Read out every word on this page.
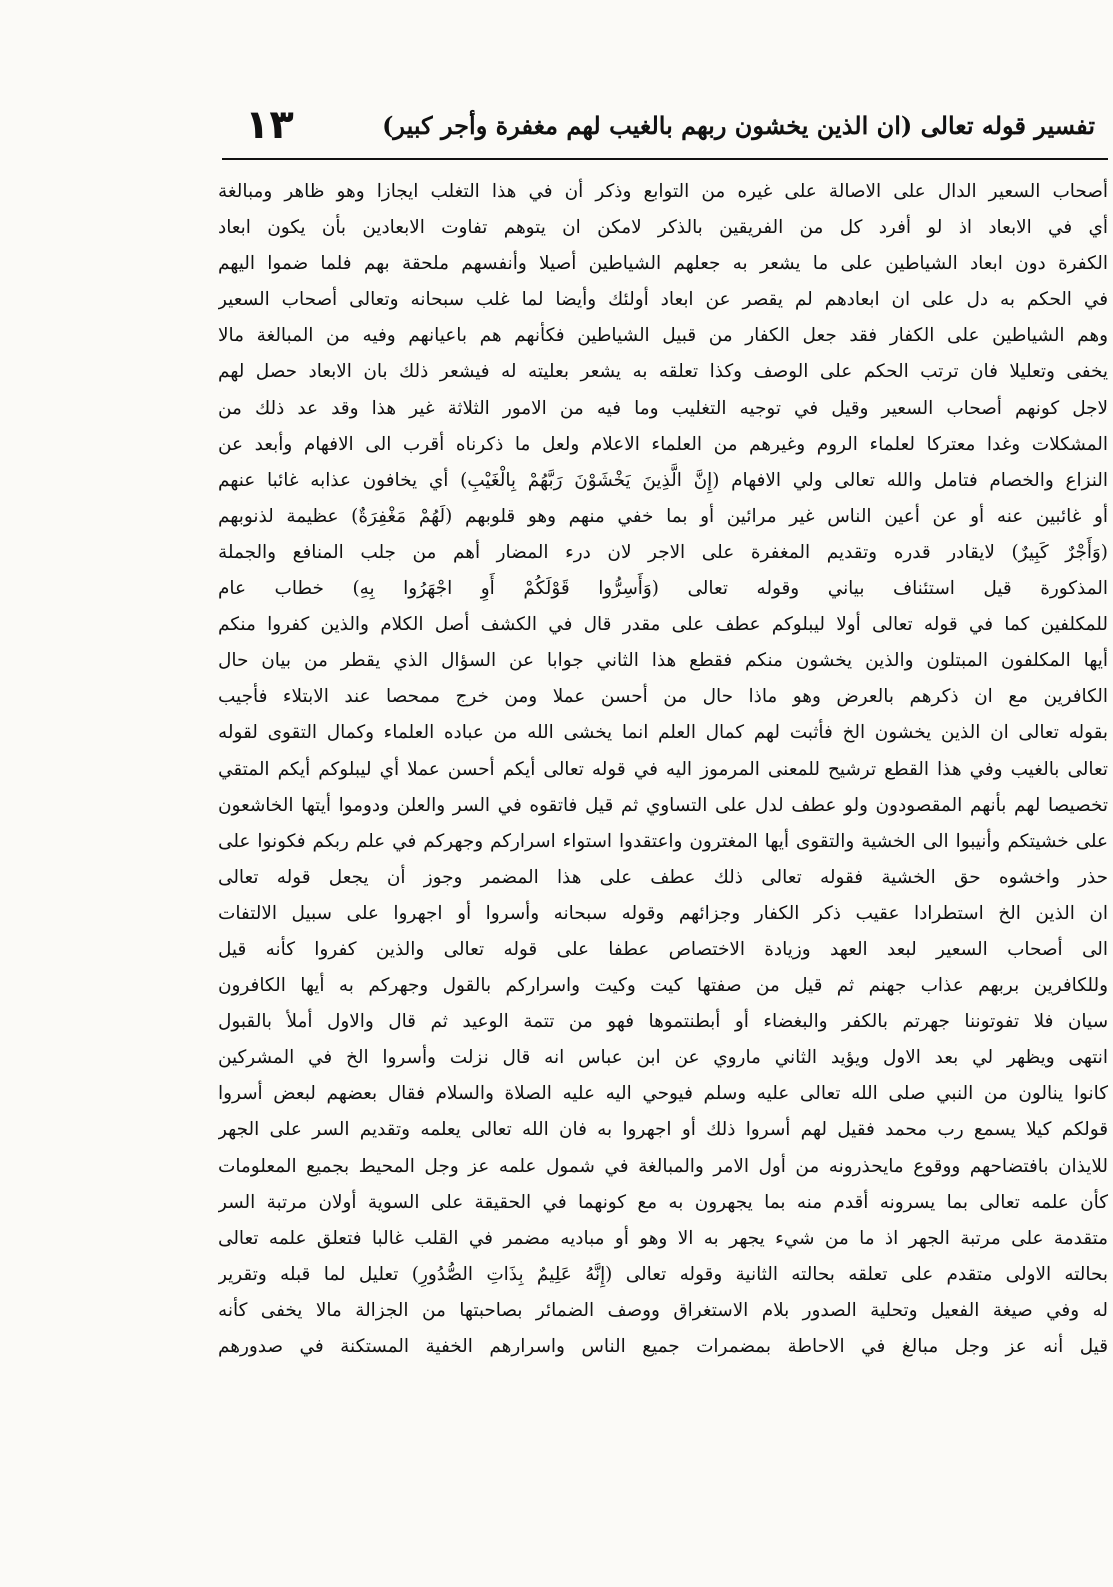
١٣	تفسير قوله تعالى (ان الذين يخشون ربهم بالغيب لهم مغفرة وأجر كبير)
أصحاب السعير الدال على الاصالة على غيره من التوابع وذكر أن في هذا التغلب ايجازا وهو ظاهر ومبالغة
أي في الابعاد اذ لو أفرد كل من الفريقين بالذكر لامكن ان يتوهم تفاوت الابعادين بأن يكون ابعاد
الكفرة دون ابعاد الشياطين على ما يشعر به جعلهم الشياطين أصيلا وأنفسهم ملحقة بهم فلما ضموا اليهم
في الحكم به دل على ان ابعادهم لم يقصر عن ابعاد أولئك وأيضا لما غلب سبحانه وتعالى أصحاب السعير
وهم الشياطين على الكفار فقد جعل الكفار من قبيل الشياطين فكأنهم هم باعيانهم وفيه من المبالغة مالا
يخفى وتعليلا فان ترتب الحكم على الوصف وكذا تعلقه به يشعر بعليته له فيشعر ذلك بان الابعاد حصل لهم
لاجل كونهم أصحاب السعير وقيل في توجيه التغليب وما فيه من الامور الثلاثة غير هذا وقد عد ذلك من
المشكلات وغدا معتركا لعلماء الروم وغيرهم من العلماء الاعلام ولعل ما ذكرناه أقرب الى الافهام وأبعد عن
النزاع والخصام فتامل والله تعالى ولي الافهام (إِنَّ الَّذِينَ يَخْشَوْنَ رَبَّهُمْ بِالْغَيْبِ) أي يخافون عذابه غائبا عنهم
أو غائبين عنه أو عن أعين الناس غير مرائين أو بما خفي منهم وهو قلوبهم (لَهُمْ مَغْفِرَةٌ) عظيمة لذنوبهم
(وَأَجْرٌ كَبِيرٌ) لايقادر قدره وتقديم المغفرة على الاجر لان درء المضار أهم من جلب المنافع والجملة
المذكورة قيل استئناف بياني وقوله تعالى (وَأَسِرُّوا قَوْلَكُمْ أَوِ اجْهَرُوا بِهِ) خطاب عام
للمكلفين كما في قوله تعالى أولا ليبلوكم عطف على مقدر قال في الكشف أصل الكلام والذين كفروا منكم
أيها المكلفون المبتلون والذين يخشون منكم فقطع هذا الثاني جوابا عن السؤال الذي يقطر من بيان حال
الكافرين مع ان ذكرهم بالعرض وهو ماذا حال من أحسن عملا ومن خرج ممحصا عند الابتلاء فأجيب
بقوله تعالى ان الذين يخشون الخ فأثبت لهم كمال العلم انما يخشى الله من عباده العلماء وكمال التقوى لقوله
تعالى بالغيب وفي هذا القطع ترشيح للمعنى المرموز اليه في قوله تعالى أيكم أحسن عملا أي ليبلوكم أيكم المتقي
تخصيصا لهم بأنهم المقصودون ولو عطف لدل على التساوي ثم قيل فاتقوه في السر والعلن ودوموا أيتها الخاشعون
على خشيتكم وأنيبوا الى الخشية والتقوى أيها المغترون واعتقدوا استواء اسراركم وجهركم في علم ربكم فكونوا على
حذر واخشوه حق الخشية فقوله تعالى ذلك عطف على هذا المضمر وجوز أن يجعل قوله تعالى
ان الذين الخ استطرادا عقيب ذكر الكفار وجزائهم وقوله سبحانه وأسروا أو اجهروا على سبيل الالتفات
الى أصحاب السعير لبعد العهد وزيادة الاختصاص عطفا على قوله تعالى والذين كفروا كأنه قيل
وللكافرين بربهم عذاب جهنم ثم قيل من صفتها كيت وكيت واسراركم بالقول وجهركم به أيها الكافرون
سيان فلا تفوتوننا جهرتم بالكفر والبغضاء أو أبطنتموها فهو من تتمة الوعيد ثم قال والاول أملأ بالقبول
انتهى ويظهر لي بعد الاول ويؤيد الثاني ماروي عن ابن عباس انه قال نزلت وأسروا الخ في المشركين
كانوا ينالون من النبي صلى الله تعالى عليه وسلم فيوحي اليه عليه الصلاة والسلام فقال بعضهم لبعض أسروا
قولكم كيلا يسمع رب محمد فقيل لهم أسروا ذلك أو اجهروا به فان الله تعالى يعلمه وتقديم السر على الجهر
للايذان بافتضاحهم ووقوع مايحذرونه من أول الامر والمبالغة في شمول علمه عز وجل المحيط بجميع المعلومات
كأن علمه تعالى بما يسرونه أقدم منه بما يجهرون به مع كونهما في الحقيقة على السوية أولان مرتبة السر
متقدمة على مرتبة الجهر اذ ما من شيء يجهر به الا وهو أو مباديه مضمر في القلب غالبا فتعلق علمه تعالى
بحالته الاولى متقدم على تعلقه بحالته الثانية وقوله تعالى (إِنَّهُ عَلِيمٌ بِذَاتِ الصُّدُورِ) تعليل لما قبله وتقرير
له وفي صيغة الفعيل وتحلية الصدور بلام الاستغراق ووصف الضمائر بصاحبتها من الجزالة مالا يخفى كأنه
قيل أنه عز وجل مبالغ في الاحاطة بمضمرات جميع الناس واسرارهم الخفية المستكنة في صدورهم
